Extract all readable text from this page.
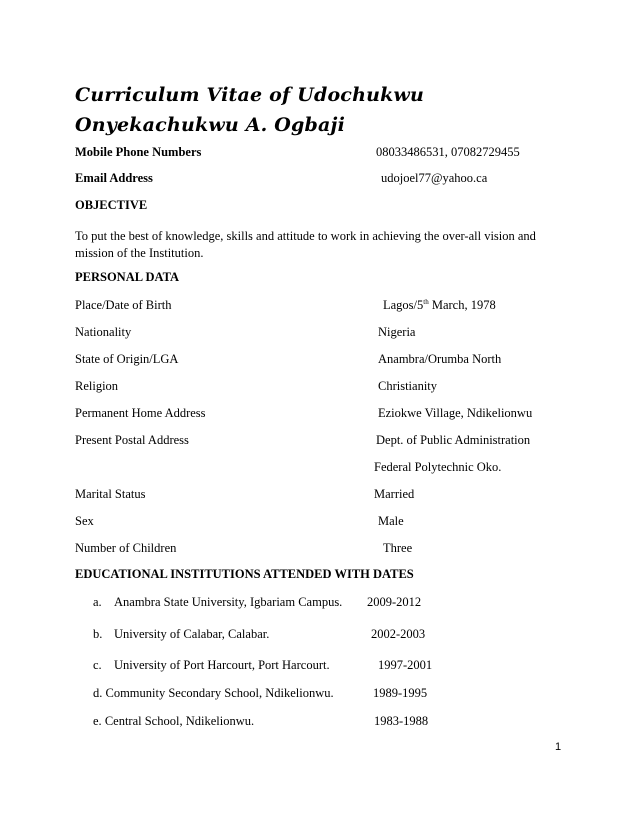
Curriculum Vitae of Udochukwu Onyekachukwu A. Ogbaji
Mobile Phone Numbers	08033486531, 07082729455
Email Address	udojoel77@yahoo.ca
OBJECTIVE
To put the best of knowledge, skills and attitude to work in achieving the over-all vision and mission of the Institution.
PERSONAL DATA
Place/Date of Birth	Lagos/5th March, 1978
Nationality	Nigeria
State of Origin/LGA	Anambra/Orumba North
Religion	Christianity
Permanent Home Address	Eziokwe Village, Ndikelionwu
Present Postal Address	Dept. of Public Administration
Federal Polytechnic Oko.
Marital Status	Married
Sex	Male
Number of Children	Three
EDUCATIONAL INSTITUTIONS ATTENDED WITH DATES
a. Anambra State University, Igbariam Campus. 2009-2012
b. University of Calabar, Calabar.	2002-2003
c. University of Port Harcourt, Port Harcourt.	1997-2001
d. Community Secondary School, Ndikelionwu.	1989-1995
e. Central School, Ndikelionwu.	1983-1988
1
